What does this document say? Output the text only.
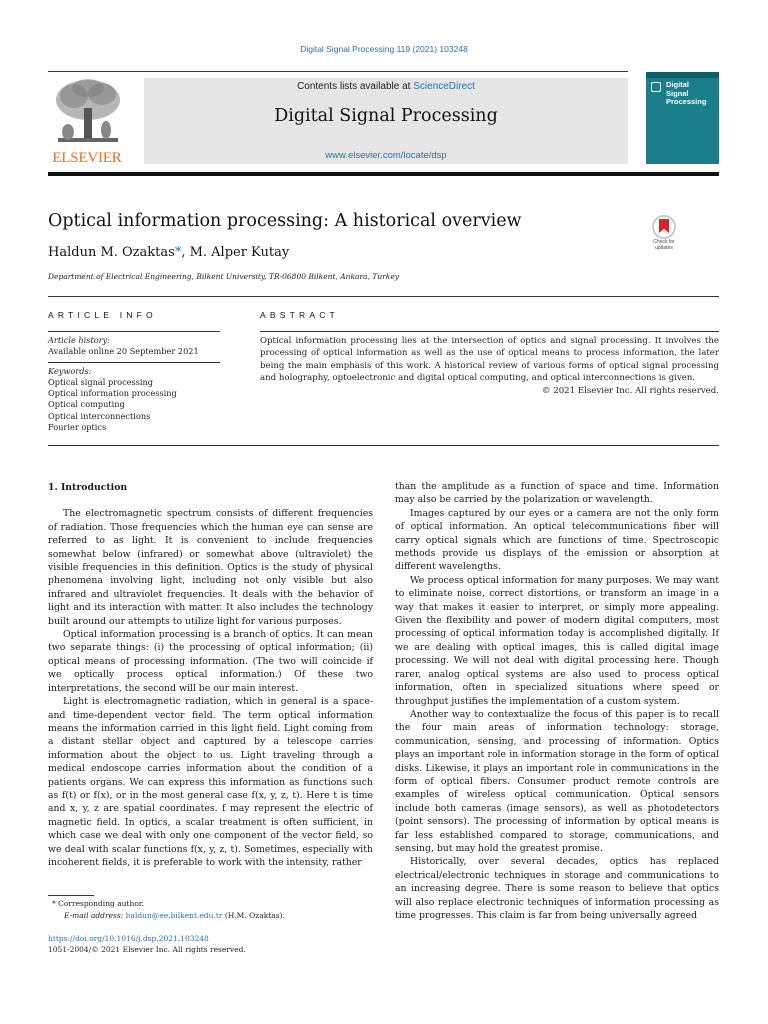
Digital Signal Processing 119 (2021) 103248
ELSEVIER
Contents lists available at ScienceDirect
Digital Signal Processing
www.elsevier.com/locate/dsp
Digital
Signal
Processing
Optical information processing: A historical overview
Haldun M. Ozaktas*, M. Alper Kutay
Department of Electrical Engineering, Bilkent University, TR-06800 Bilkent, Ankara, Turkey
Check for
updates
ARTICLE INFO	ABSTRACT
Article history:
Available online 20 September 2021
Keywords:
Optical signal processing
Optical information processing
Optical computing
Optical interconnections
Fourier optics
Optical information processing lies at the intersection of optics and signal processing. It involves the processing of optical information as well as the use of optical means to process information, the later being the main emphasis of this work. A historical review of various forms of optical signal processing and holography, optoelectronic and digital optical computing, and optical interconnections is given.
© 2021 Elsevier Inc. All rights reserved.
1. Introduction

The electromagnetic spectrum consists of different frequencies of radiation. Those frequencies which the human eye can sense are referred to as light. It is convenient to include frequencies somewhat below (infrared) or somewhat above (ultraviolet) the visible frequencies in this definition. Optics is the study of physical phenomena involving light, including not only visible but also infrared and ultraviolet frequencies. It deals with the behavior of light and its interaction with matter. It also includes the technology built around our attempts to utilize light for various purposes.

Optical information processing is a branch of optics. It can mean two separate things: (i) the processing of optical information; (ii) optical means of processing information. (The two will coincide if we optically process optical information.) Of these two interpretations, the second will be our main interest.

Light is electromagnetic radiation, which in general is a space- and time-dependent vector field. The term optical information means the information carried in this light field. Light coming from a distant stellar object and captured by a telescope carries information about the object to us. Light traveling through a medical endoscope carries information about the condition of a patients organs. We can express this information as functions such as f(t) or f(x), or in the most general case f(x, y, z, t). Here t is time and x, y, z are spatial coordinates. f may represent the electric of magnetic field. In optics, a scalar treatment is often sufficient, in which case we deal with only one component of the vector field, so we deal with scalar functions f(x, y, z, t). Sometimes, especially with incoherent fields, it is preferable to work with the intensity, rather

than the amplitude as a function of space and time. Information may also be carried by the polarization or wavelength.

Images captured by our eyes or a camera are not the only form of optical information. An optical telecommunications fiber will carry optical signals which are functions of time. Spectroscopic methods provide us displays of the emission or absorption at different wavelengths.

We process optical information for many purposes. We may want to eliminate noise, correct distortions, or transform an image in a way that makes it easier to interpret, or simply more appealing. Given the flexibility and power of modern digital computers, most processing of optical information today is accomplished digitally. If we are dealing with optical images, this is called digital image processing. We will not deal with digital processing here. Though rarer, analog optical systems are also used to process optical information, often in specialized situations where speed or throughput justifies the implementation of a custom system.

Another way to contextualize the focus of this paper is to recall the four main areas of information technology: storage, communication, sensing, and processing of information. Optics plays an important role in information storage in the form of optical disks. Likewise, it plays an important role in communications in the form of optical fibers. Consumer product remote controls are examples of wireless optical communication. Optical sensors include both cameras (image sensors), as well as photodetectors (point sensors). The processing of information by optical means is far less established compared to storage, communications, and sensing, but may hold the greatest promise.

Historically, over several decades, optics has replaced electrical/electronic techniques in storage and communications to an increasing degree. There is some reason to believe that optics will also replace electronic techniques of information processing as time progresses. This claim is far from being universally agreed

* Corresponding author.
E-mail address: haldun@ee.bilkent.edu.tr (H.M. Ozaktas).
https://doi.org/10.1016/j.dsp.2021.103248
1051-2004/© 2021 Elsevier Inc. All rights reserved.
